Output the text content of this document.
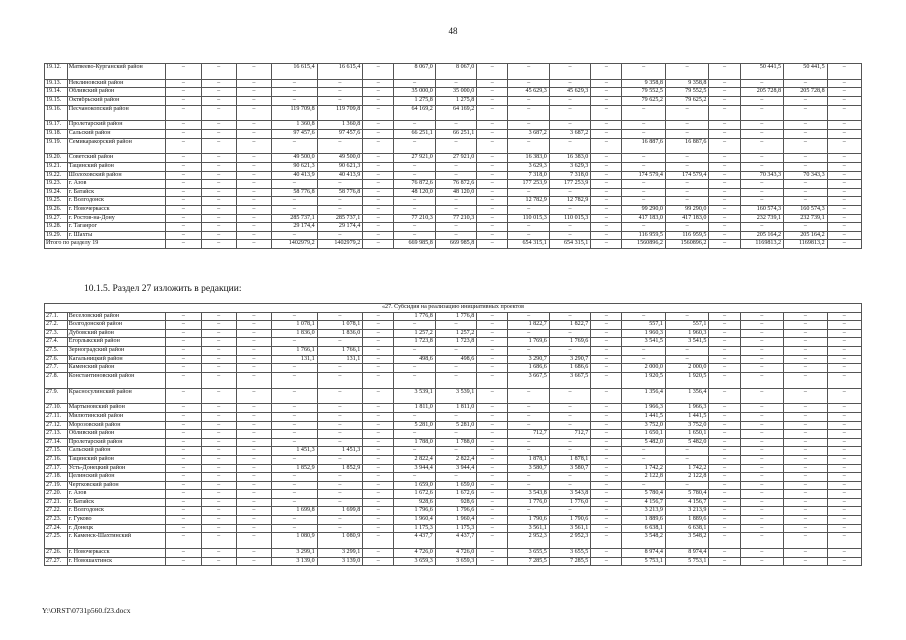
48
19.12.	Матвеево-Курганский район	–	–	–	16 615,4	16 615,4	–	8 067,0	8 067,0	–	–	–	–	–	–	–	50 441,5	50 441,5	–
19.13.	Неклиновский район	–	–	–	–	–	–	–	–	–	–	–	–	9 358,8	9 358,8	–	–	–	–
19.14.	Обливский район	–	–	–	–	–	–	35 000,0	35 000,0	–	45 629,3	45 629,3	–	79 552,5	79 552,5	–	205 728,8	205 728,8	–
19.15.	Октябрьский район	–	–	–	–	–	–	1 275,8	1 275,8	–	–	–	–	79 625,2	79 625,2	–	–	–	–
19.16.	Песчанокопский район	–	–	–	119 709,8	119 709,8	–	64 169,2	64 169,2	–	–	–	–	–	–	–	–	–	–
19.17.	Пролетарский район	–	–	–	1 360,8	1 360,8	–	–	–	–	–	–	–	–	–	–	–	–	–
19.18.	Сальский район	–	–	–	97 457,6	97 457,6	–	66 251,1	66 251,1	–	3 687,2	3 687,2	–	–	–	–	–	–	–
19.19.	Семикаракорский район	–	–	–	–	–	–	–	–	–	–	–	–	16 887,6	16 887,6	–	–	–	–
19.20.	Советский район	–	–	–	49 500,0	49 500,0	–	27 921,0	27 921,0	–	16 383,0	16 383,0	–	–	–	–	–	–	–
19.21.	Тацинский район	–	–	–	90 621,3	90 621,3	–	–	–	–	3 629,3	3 629,3	–	–	–	–	–	–	–
19.22.	Шолоховский район	–	–	–	40 413,9	40 413,9	–	–	–	–	7 318,0	7 318,0	–	174 579,4	174 579,4	–	70 343,3	70 343,3	–
19.23.	г. Азов	–	–	–	–	–	–	76 872,6	76 872,6	–	177 253,9	177 253,9	–	–	–	–	–	–	–
19.24.	г. Батайск	–	–	–	58 776,8	58 776,8	–	48 120,0	48 120,0	–	–	–	–	–	–	–	–	–	–
19.25.	г. Волгодонск	–	–	–	–	–	–	–	–	–	12 782,9	12 782,9	–	–	–	–	–	–	–
19.26.	г. Новочеркасск	–	–	–	–	–	–	–	–	–	–	–	–	99 290,0	99 290,0	–	160 574,3	160 574,3	–
19.27.	г. Ростов-на-Дону	–	–	–	285 737,1	285 737,1	–	77 210,3	77 210,3	–	110 015,3	110 015,3	–	417 183,0	417 183,0	–	232 739,1	232 739,1	–
19.28.	г. Таганрог	–	–	–	29 174,4	29 174,4	–	–	–	–	–	–	–	–	–	–	–	–	–
19.29.	г. Шахты	–	–	–	–	–	–	–	–	–	–	–	–	116 959,5	116 959,5	–	205 164,2	205 164,2	–
Итого по разделу 19		–	–	–	1402979,2	1402979,2	–	669 985,8	669 985,8	–	654 315,1	654 315,1	–	1560896,2	1560896,2	–	1169813,2	1169813,2	–
10.1.5. Раздел 27 изложить в редакции:
«27. Субсидия на реализацию инициативных проектов																			
27.1.	Веселовский район	–	–	–	–	–	–	1 776,8	1 776,8	–	–	–	–	–	–	–	–	–	–
27.2.	Волгодонской район	–	–	–	1 078,1	1 078,1	–	–	–	–	1 822,7	1 822,7	–	557,1	557,1	–	–	–	–
27.3.	Дубовский район	–	–	–	1 836,0	1 836,0	–	1 257,2	1 257,2	–	–	–	–	1 960,3	1 960,3	–	–	–	–
27.4.	Егорлыкский район	–	–	–	–	–	–	1 723,8	1 723,8	–	1 769,6	1 769,6	–	3 541,5	3 541,5	–	–	–	–
27.5.	Зерноградский район	–	–	–	1 766,1	1 766,1	–	–	–	–	–	–	–	–	–	–	–	–	–
27.6.	Кагальницкий район	–	–	–	131,1	131,1	–	498,6	498,6	–	3 290,7	3 290,7	–	–	–	–	–	–	–
27.7.	Каменский район	–	–	–	–	–	–	–	–	–	1 686,6	1 686,6	–	2 000,0	2 000,0	–	–	–	–
27.8.	Константиновский район	–	–	–	–	–	–	–	–	–	3 667,5	3 667,5	–	1 920,5	1 920,5	–	–	–	–
27.9.	Красносулинский район	–	–	–	–	–	–	3 539,1	3 539,1	–	–	–	–	1 356,4	1 356,4	–	–	–	–
27.10.	Мартыновский район	–	–	–	–	–	–	1 811,0	1 811,0	–	–	–	–	1 966,3	1 966,3	–	–	–	–
27.11.	Милютинский район	–	–	–	–	–	–	–	–	–	–	–	–	1 441,5	1 441,5	–	–	–	–
27.12.	Морозовский район	–	–	–	–	–	–	5 281,0	5 281,0	–	–	–	–	3 752,0	3 752,0	–	–	–	–
27.13.	Обливский район	–	–	–	–	–	–	–	–	–	712,7	712,7	–	1 650,1	1 650,1	–	–	–	–
27.14.	Пролетарский район	–	–	–	–	–	–	1 788,0	1 788,0	–	–	–	–	5 482,0	5 482,0	–	–	–	–
27.15.	Сальский район	–	–	–	1 451,3	1 451,3	–	–	–	–	–	–	–	–	–	–	–	–	–
27.16.	Тацинский район	–	–	–	–	–	–	2 822,4	2 822,4	–	1 878,1	1 878,1	–	–	–	–	–	–	–
27.17.	Усть-Донецкий район	–	–	–	1 852,9	1 852,9	–	3 944,4	3 944,4	–	3 580,7	3 580,7	–	1 742,2	1 742,2	–	–	–	–
27.18.	Целинский район	–	–	–	–	–	–	–	–	–	–	–	–	2 122,8	2 122,8	–	–	–	–
27.19.	Чертковский район	–	–	–	–	–	–	1 659,0	1 659,0	–	–	–	–	–	–	–	–	–	–
27.20.	г. Азов	–	–	–	–	–	–	1 672,6	1 672,6	–	3 543,8	3 543,8	–	5 780,4	5 780,4	–	–	–	–
27.21.	г. Батайск	–	–	–	–	–	–	928,6	928,6	–	1 776,0	1 776,0	–	4 156,7	4 156,7	–	–	–	–
27.22.	г. Волгодонск	–	–	–	1 699,8	1 699,8	–	1 796,6	1 796,6	–	–	–	–	3 213,9	3 213,9	–	–	–	–
27.23.	г. Гуково	–	–	–	–	–	–	1 960,4	1 960,4	–	1 790,6	1 790,6	–	1 889,6	1 889,6	–	–	–	–
27.24.	г. Донецк	–	–	–	–	–	–	1 175,3	1 175,3	–	3 561,1	3 561,1	–	6 638,1	6 638,1	–	–	–	–
27.25.	г. Каменск-Шахтинский	–	–	–	1 080,9	1 080,9	–	4 437,7	4 437,7	–	2 952,3	2 952,3	–	3 548,2	3 548,2	–	–	–	–
27.26.	г. Новочеркасск	–	–	–	3 299,1	3 299,1	–	4 726,0	4 726,0	–	3 655,5	3 655,5	–	8 974,4	8 974,4	–	–	–	–
27.27.	г. Новошахтинск	–	–	–	3 139,0	3 139,0	–	3 659,3	3 659,3	–	7 285,5	7 285,5	–	5 753,1	5 753,1	–	–	–	–
Y:\ORST\0731p560.f23.docx
